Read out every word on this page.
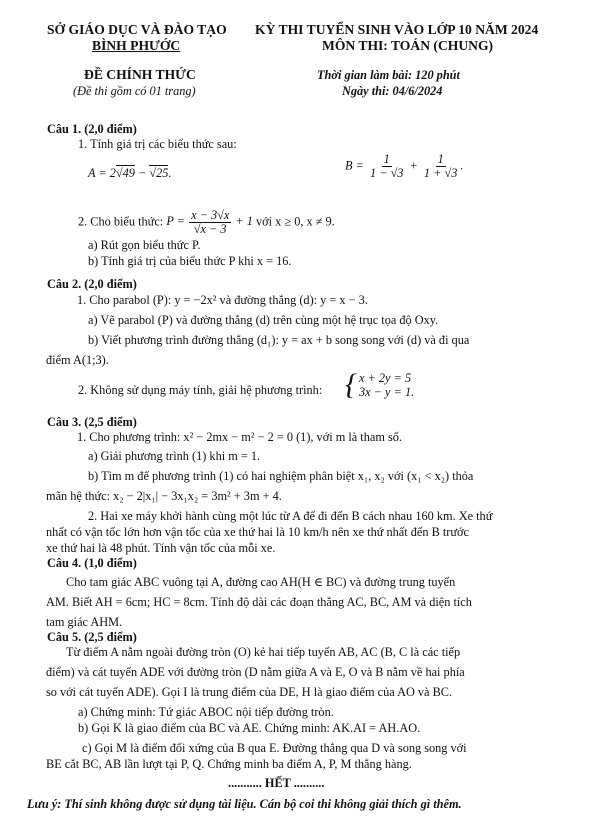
SỞ GIÁO DỤC VÀ ĐÀO TẠO
BÌNH PHƯỚC
ĐỀ CHÍNH THỨC
(Đề thi gồm có 01 trang)
KỲ THI TUYỂN SINH VÀO LỚP 10 NĂM 2024
MÔN THI: TOÁN (CHUNG)
Thời gian làm bài: 120 phút
Ngày thi: 04/6/2024
Câu 1. (2,0 điểm)
1. Tính giá trị các biểu thức sau:
A = 2√49 − √25.
$B = \frac{1}{1 - √3} + \frac{1}{1 + √3}$ .
2. Cho biểu thức: $P = \frac{x - 3√x}{√x - 3} + 1$ với x ≥ 0, x ≠ 9.
a) Rút gọn biểu thức P.
b) Tính giá trị của biểu thức P khi x = 16.
Câu 2. (2,0 điểm)
1. Cho parabol (P): y = −2x² và đường thẳng (d): y = x − 3.
a) Vẽ parabol (P) và đường thẳng (d) trên cùng một hệ trục tọa độ Oxy.
b) Viết phương trình đường thẳng (d₁): y = ax + b song song với (d) và đi qua
điểm A(1;3).
2. Không sử dụng máy tính, giải hệ phương trình: { x + 2y = 5
3x − y = 1.
Câu 3. (2,5 điểm)
1. Cho phương trình: x² − 2mx − m² − 2 = 0 (1), với m là tham số.
a) Giải phương trình (1) khi m = 1.
b) Tìm m để phương trình (1) có hai nghiệm phân biệt x₁, x₂ với (x₁ < x₂) thỏa
mãn hệ thức: x₂ − 2|x₁| − 3x₁x₂ = 3m² + 3m + 4.
2. Hai xe máy khởi hành cùng một lúc từ A để đi đến B cách nhau 160 km. Xe thứ
nhất có vận tốc lớn hơn vận tốc của xe thứ hai là 10 km/h nên xe thứ nhất đến B trước
xe thứ hai là 48 phút. Tính vận tốc của mỗi xe.
Câu 4. (1,0 điểm)
Cho tam giác ABC vuông tại A, đường cao AH(H ∈ BC) và đường trung tuyến
AM. Biết AH = 6cm; HC = 8cm. Tính độ dài các đoạn thẳng AC, BC, AM và diện tích
tam giác AHM.
Câu 5. (2,5 điểm)
Từ điểm A nằm ngoài đường tròn (O) kẻ hai tiếp tuyến AB, AC (B, C là các tiếp
điểm) và cát tuyến ADE với đường tròn (D nằm giữa A và E, O và B nằm về hai phía
so với cát tuyến ADE). Gọi I là trung điểm của DE, H là giao điểm của AO và BC.
a) Chứng minh: Tứ giác ABOC nội tiếp đường tròn.
b) Gọi K là giao điểm của BC và AE. Chứng minh: AK.AI = AH.AO.
c) Gọi M là điểm đối xứng của B qua E. Đường thẳng qua D và song song với
BE cắt BC, AB lần lượt tại P, Q. Chứng minh ba điểm A, P, M thẳng hàng.
........... HẾT ..........
Lưu ý: Thí sinh không được sử dụng tài liệu. Cán bộ coi thi không giải thích gì thêm.
